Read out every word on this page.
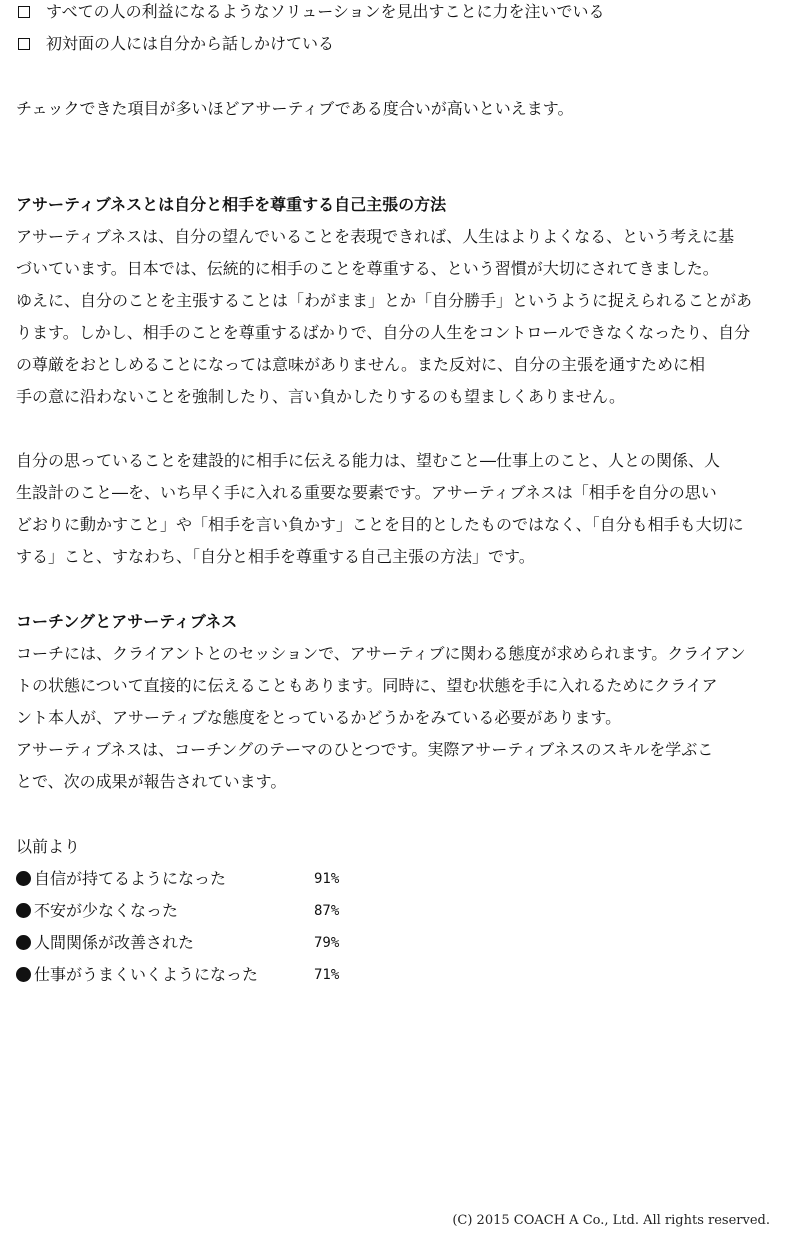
すべての人の利益になるようなソリューションを見出すことに力を注いでいる
初対面の人には自分から話しかけている
チェックできた項目が多いほどアサーティブである度合いが高いといえます。
アサーティブネスとは自分と相手を尊重する自己主張の方法
アサーティブネスは、自分の望んでいることを表現できれば、人生はよりよくなる、という考えに基
づいています。日本では、伝統的に相手のことを尊重する、という習慣が大切にされてきました。
ゆえに、自分のことを主張することは「わがまま」とか「自分勝手」というように捉えられることがあ
ります。しかし、相手のことを尊重するばかりで、自分の人生をコントロールできなくなったり、自分
の尊厳をおとしめることになっては意味がありません。また反対に、自分の主張を通すために相
手の意に沿わないことを強制したり、言い負かしたりするのも望ましくありません。
自分の思っていることを建設的に相手に伝える能力は、望むこと―仕事上のこと、人との関係、人
生設計のこと―を、いち早く手に入れる重要な要素です。アサーティブネスは「相手を自分の思い
どおりに動かすこと」や「相手を言い負かす」ことを目的としたものではなく、「自分も相手も大切に
する」こと、すなわち、「自分と相手を尊重する自己主張の方法」です。
コーチングとアサーティブネス
コーチには、クライアントとのセッションで、アサーティブに関わる態度が求められます。クライアン
トの状態について直接的に伝えることもあります。同時に、望む状態を手に入れるためにクライア
ント本人が、アサーティブな態度をとっているかどうかをみている必要があります。
アサーティブネスは、コーチングのテーマのひとつです。実際アサーティブネスのスキルを学ぶこ
とで、次の成果が報告されています。
以前より
自信が持てるようになった	91%
不安が少なくなった	87%
人間関係が改善された	79%
仕事がうまくいくようになった	71%
(C) 2015 COACH A Co., Ltd. All rights reserved.
